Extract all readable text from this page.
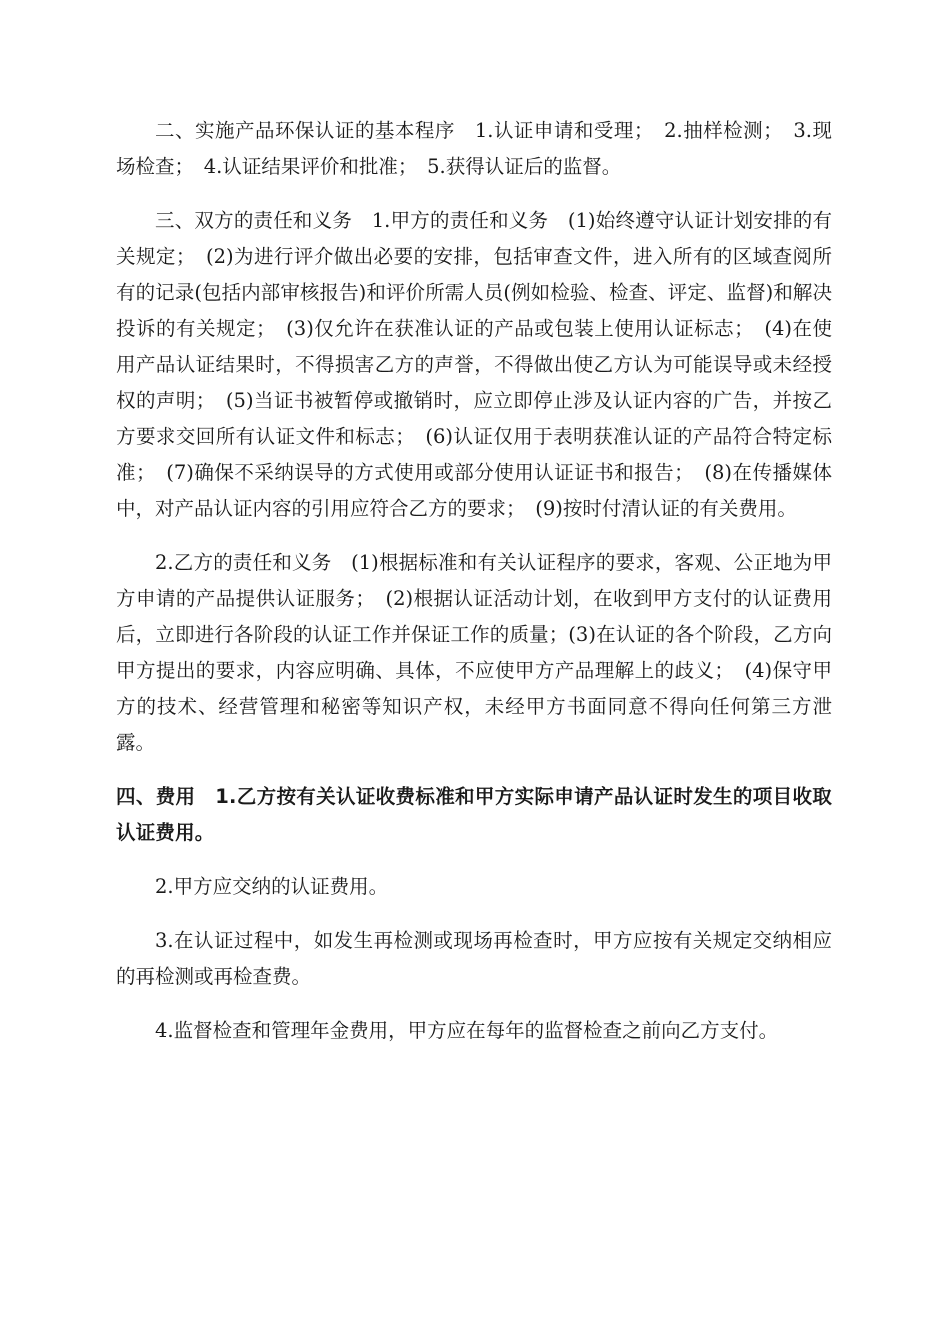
二、实施产品环保认证的基本程序　1.认证申请和受理；　2.抽样检测；　3.现场检查；　4.认证结果评价和批准；　5.获得认证后的监督。

三、双方的责任和义务　1.甲方的责任和义务　(1)始终遵守认证计划安排的有关规定；　(2)为进行评介做出必要的安排，包括审查文件，进入所有的区域查阅所有的记录(包括内部审核报告)和评价所需人员(例如检验、检查、评定、监督)和解决投诉的有关规定；　(3)仅允许在获准认证的产品或包装上使用认证标志；　(4)在使用产品认证结果时，不得损害乙方的声誉，不得做出使乙方认为可能误导或未经授权的声明；　(5)当证书被暂停或撤销时，应立即停止涉及认证内容的广告，并按乙方要求交回所有认证文件和标志；　(6)认证仅用于表明获准认证的产品符合特定标准；　(7)确保不采纳误导的方式使用或部分使用认证证书和报告；　(8)在传播媒体中，对产品认证内容的引用应符合乙方的要求；　(9)按时付清认证的有关费用。

2.乙方的责任和义务　(1)根据标准和有关认证程序的要求，客观、公正地为甲方申请的产品提供认证服务；　(2)根据认证活动计划，在收到甲方支付的认证费用后，立即进行各阶段的认证工作并保证工作的质量；(3)在认证的各个阶段，乙方向甲方提出的要求，内容应明确、具体，不应使甲方产品理解上的歧义；　(4)保守甲方的技术、经营管理和秘密等知识产权，未经甲方书面同意不得向任何第三方泄露。

四、费用　1.乙方按有关认证收费标准和甲方实际申请产品认证时发生的项目收取认证费用。

2.甲方应交纳的认证费用。

3.在认证过程中，如发生再检测或现场再检查时，甲方应按有关规定交纳相应的再检测或再检查费。

4.监督检查和管理年金费用，甲方应在每年的监督检查之前向乙方支付。
